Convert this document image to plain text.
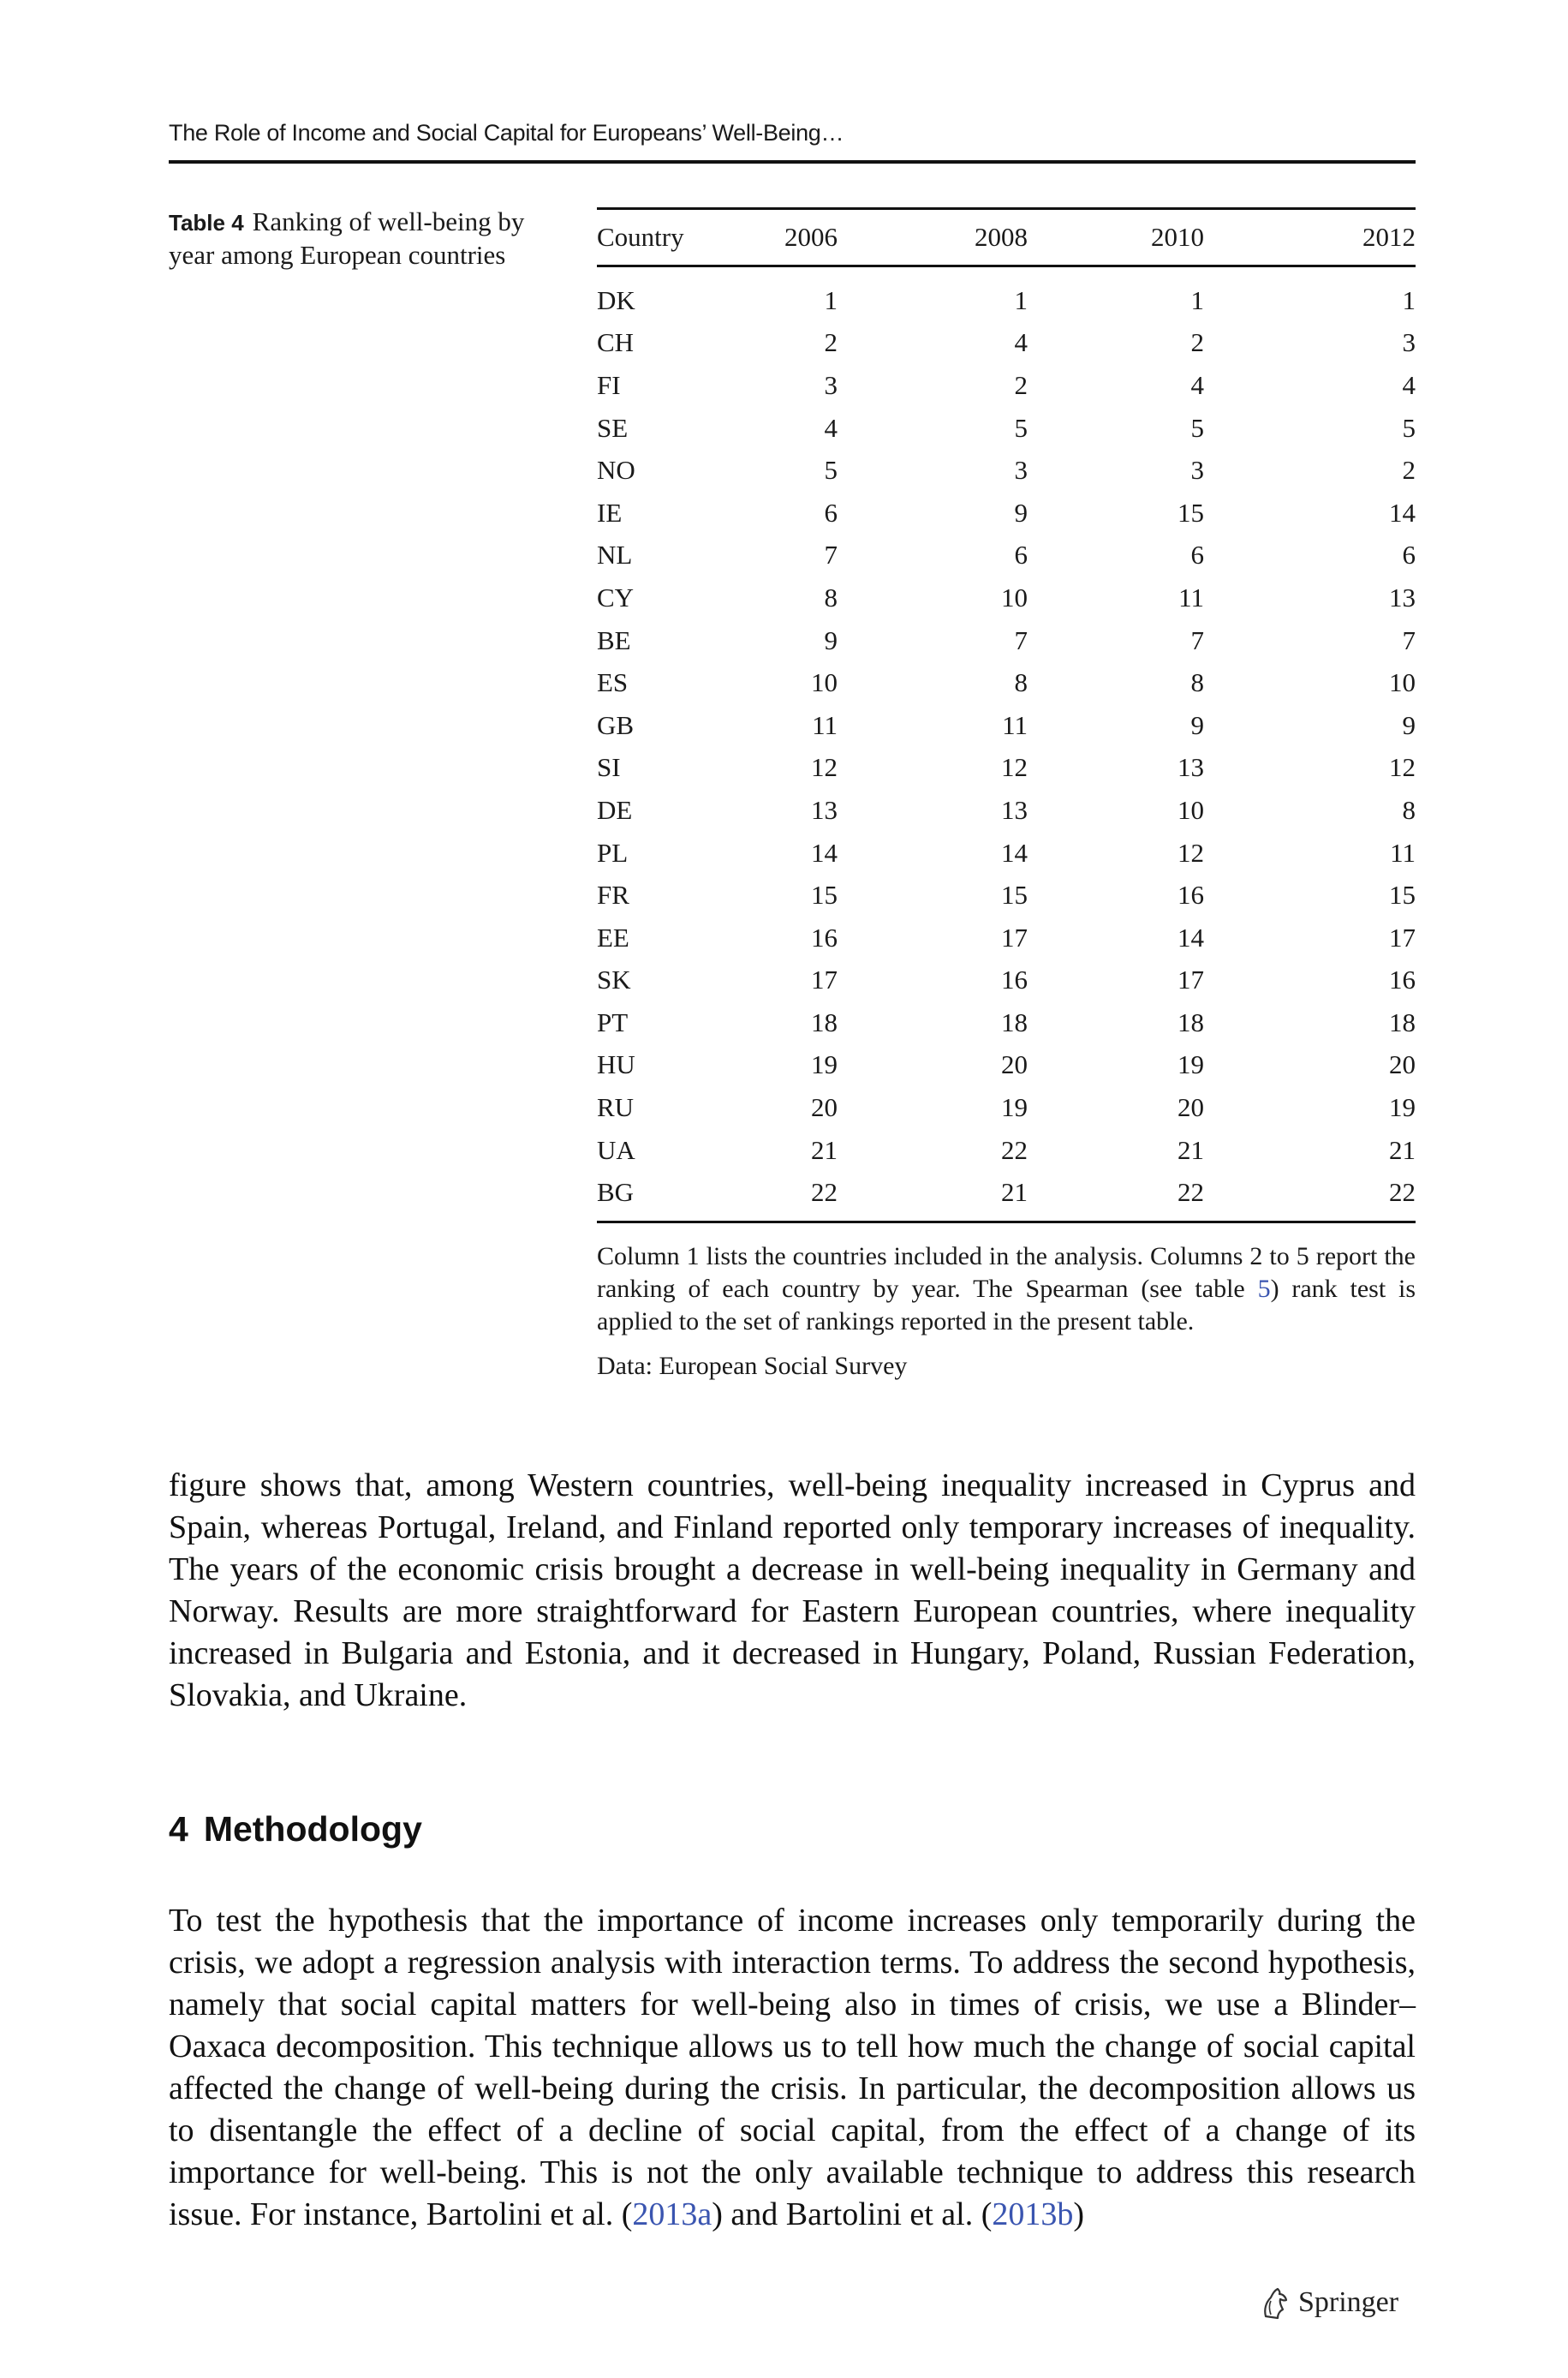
The Role of Income and Social Capital for Europeans’ Well-Being…
Table 4 Ranking of well-being by year among European countries
Country	2006	2008	2010	2012
DK	1	1	1	1
CH	2	4	2	3
FI	3	2	4	4
SE	4	5	5	5
NO	5	3	3	2
IE	6	9	15	14
NL	7	6	6	6
CY	8	10	11	13
BE	9	7	7	7
ES	10	8	8	10
GB	11	11	9	9
SI	12	12	13	12
DE	13	13	10	8
PL	14	14	12	11
FR	15	15	16	15
EE	16	17	14	17
SK	17	16	17	16
PT	18	18	18	18
HU	19	20	19	20
RU	20	19	20	19
UA	21	22	21	21
BG	22	21	22	22
Column 1 lists the countries included in the analysis. Columns 2 to 5 report the ranking of each country by year. The Spearman (see table 5) rank test is applied to the set of rankings reported in the present table.
Data: European Social Survey

figure shows that, among Western countries, well-being inequality increased in Cyprus and Spain, whereas Portugal, Ireland, and Finland reported only temporary increases of inequality. The years of the economic crisis brought a decrease in well-being inequality in Germany and Norway. Results are more straightforward for Eastern European countries, where inequality increased in Bulgaria and Estonia, and it decreased in Hungary, Poland, Russian Federation, Slovakia, and Ukraine.

4 Methodology

To test the hypothesis that the importance of income increases only temporarily during the crisis, we adopt a regression analysis with interaction terms. To address the second hypothesis, namely that social capital matters for well-being also in times of crisis, we use a Blinder–Oaxaca decomposition. This technique allows us to tell how much the change of social capital affected the change of well-being during the crisis. In particular, the decomposition allows us to disentangle the effect of a decline of social capital, from the effect of a change of its importance for well-being. This is not the only available technique to address this research issue. For instance, Bartolini et al. (2013a) and Bartolini et al. (2013b)

Springer
